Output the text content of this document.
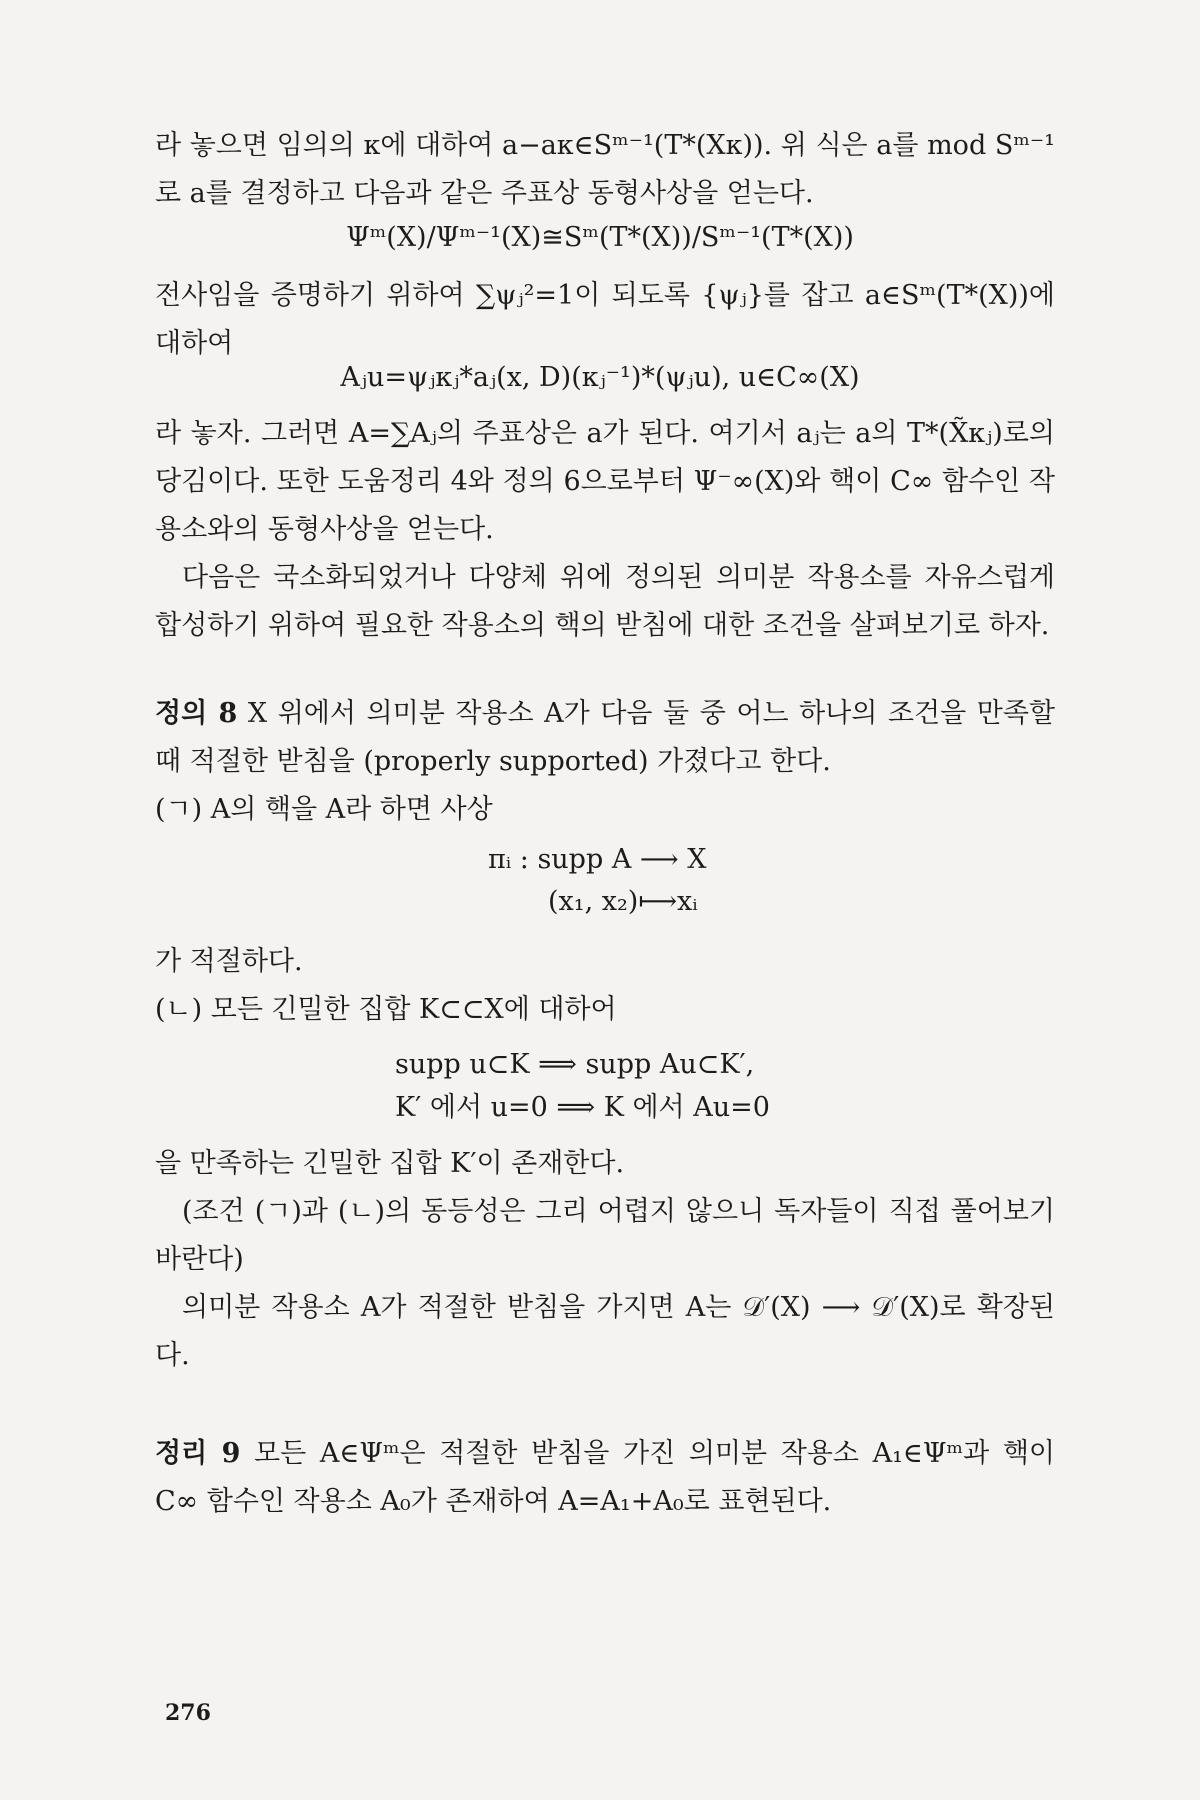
라 놓으면 임의의 κ에 대하여 a−aκ∈Sᵐ⁻¹(T*(Xκ)). 위 식은 a를 mod Sᵐ⁻¹로 a를 결정하고 다음과 같은 주표상 동형사상을 얻는다.

Ψᵐ(X)/Ψᵐ⁻¹(X)≅Sᵐ(T*(X))/Sᵐ⁻¹(T*(X))

전사임을 증명하기 위하여 ∑ψⱼ²=1이 되도록 {ψⱼ}를 잡고 a∈Sᵐ(T*(X))에 대하여

Aⱼu=ψⱼκⱼ*aⱼ(x, D)(κⱼ⁻¹)*(ψⱼu), u∈C∞(X)

라 놓자. 그러면 A=∑Aⱼ의 주표상은 a가 된다. 여기서 aⱼ는 a의 T*(X̃κⱼ)로의 당김이다. 또한 도움정리 4와 정의 6으로부터 Ψ⁻∞(X)와 핵이 C∞ 함수인 작용소와의 동형사상을 얻는다.

다음은 국소화되었거나 다양체 위에 정의된 의미분 작용소를 자유스럽게 합성하기 위하여 필요한 작용소의 핵의 받침에 대한 조건을 살펴보기로 하자.

정의 8 X 위에서 의미분 작용소 A가 다음 둘 중 어느 하나의 조건을 만족할 때 적절한 받침을 (properly supported) 가졌다고 한다.

(ㄱ) A의 핵을 A라 하면 사상

πᵢ : supp A ⟶ X

(x₁, x₂)⟼xᵢ

가 적절하다.

(ㄴ) 모든 긴밀한 집합 K⊂⊂X에 대하어

supp u⊂K ⟹ supp Au⊂K′,

K′ 에서 u=0 ⟹ K 에서 Au=0

을 만족하는 긴밀한 집합 K′이 존재한다.

(조건 (ㄱ)과 (ㄴ)의 동등성은 그리 어렵지 않으니 독자들이 직접 풀어보기 바란다)

의미분 작용소 A가 적절한 받침을 가지면 A는 𝒟′(X) ⟶ 𝒟′(X)로 확장된다.

정리 9 모든 A∈Ψᵐ은 적절한 받침을 가진 의미분 작용소 A₁∈Ψᵐ과 핵이 C∞ 함수인 작용소 A₀가 존재하여 A=A₁+A₀로 표현된다.

276
